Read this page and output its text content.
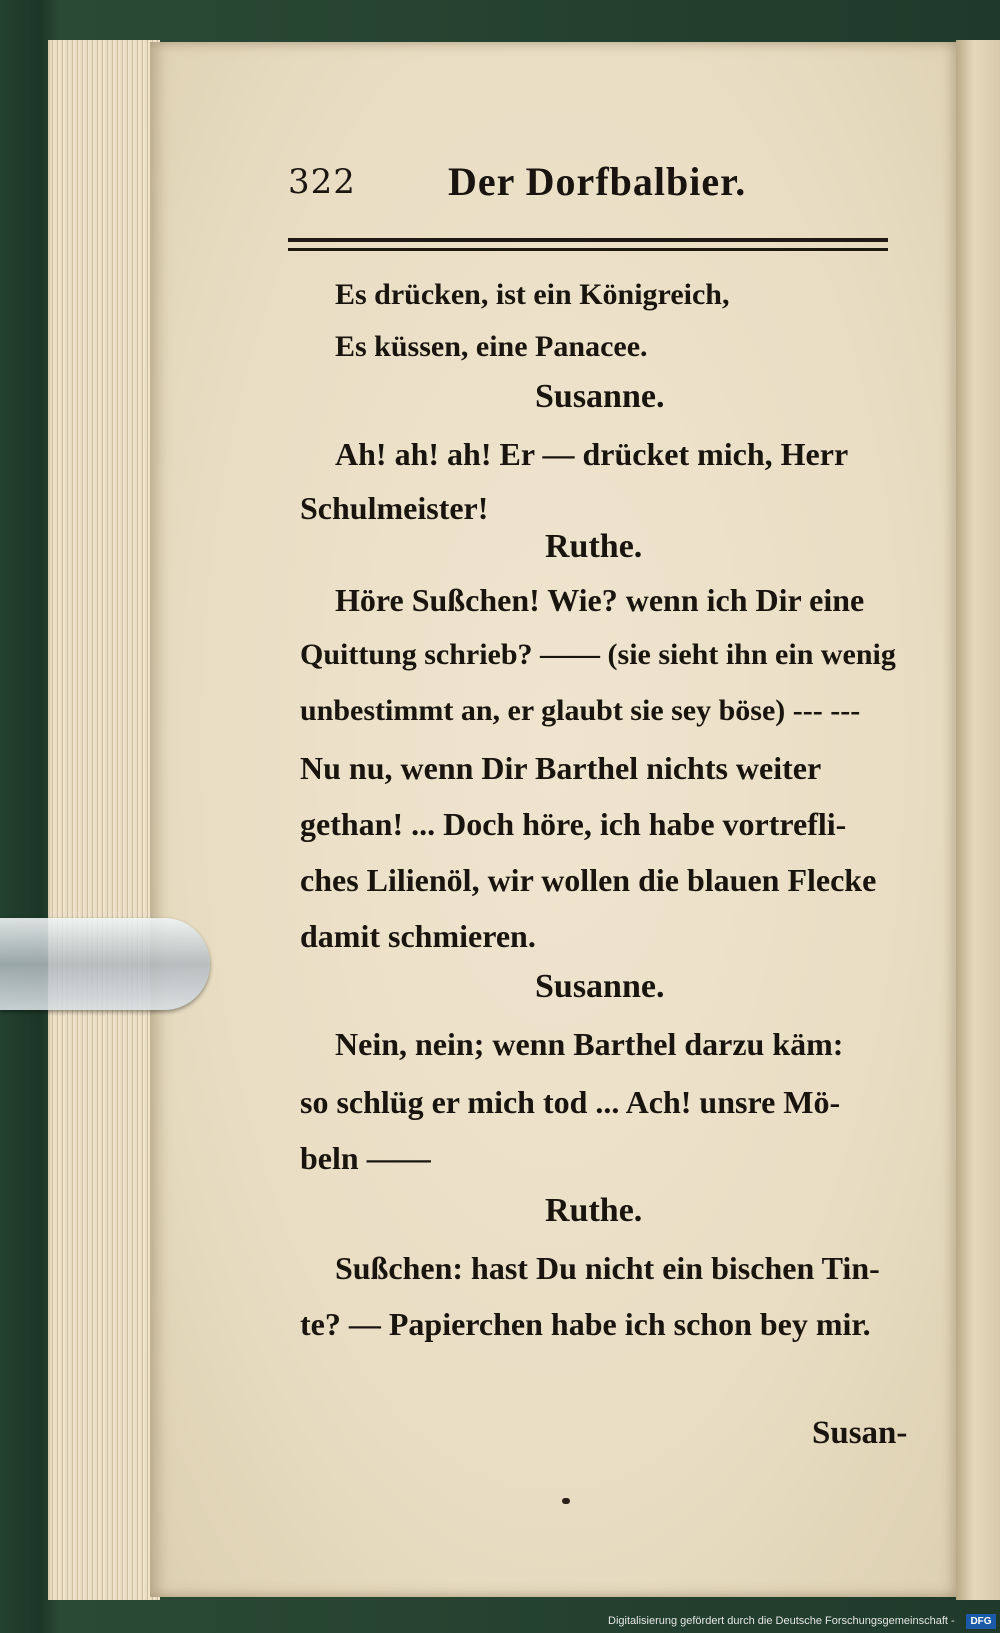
322 Der Dorfbalbier.
Es drücken, ist ein Königreich,
Es küssen, eine Panacee.
Susanne.
Ah! ah! ah! Er — drücket mich, Herr
Schulmeister!
Ruthe.
Höre Sußchen! Wie? wenn ich Dir eine
Quittung schrieb? —— (sie sieht ihn ein wenig
unbestimmt an, er glaubt sie sey böse) --- ---
Nu nu, wenn Dir Barthel nichts weiter
gethan! ... Doch höre, ich habe vortrefli-
ches Lilienöl, wir wollen die blauen Flecke
damit schmieren.
Susanne.
Nein, nein; wenn Barthel darzu käm:
so schlüg er mich tod ... Ach! unsre Mö-
beln ——
Ruthe.
Sußchen: hast Du nicht ein bischen Tin-
te? — Papierchen habe ich schon bey mir.
Susan-
Digitalisierung gefördert durch die Deutsche Forschungsgemeinschaft -	DFG
